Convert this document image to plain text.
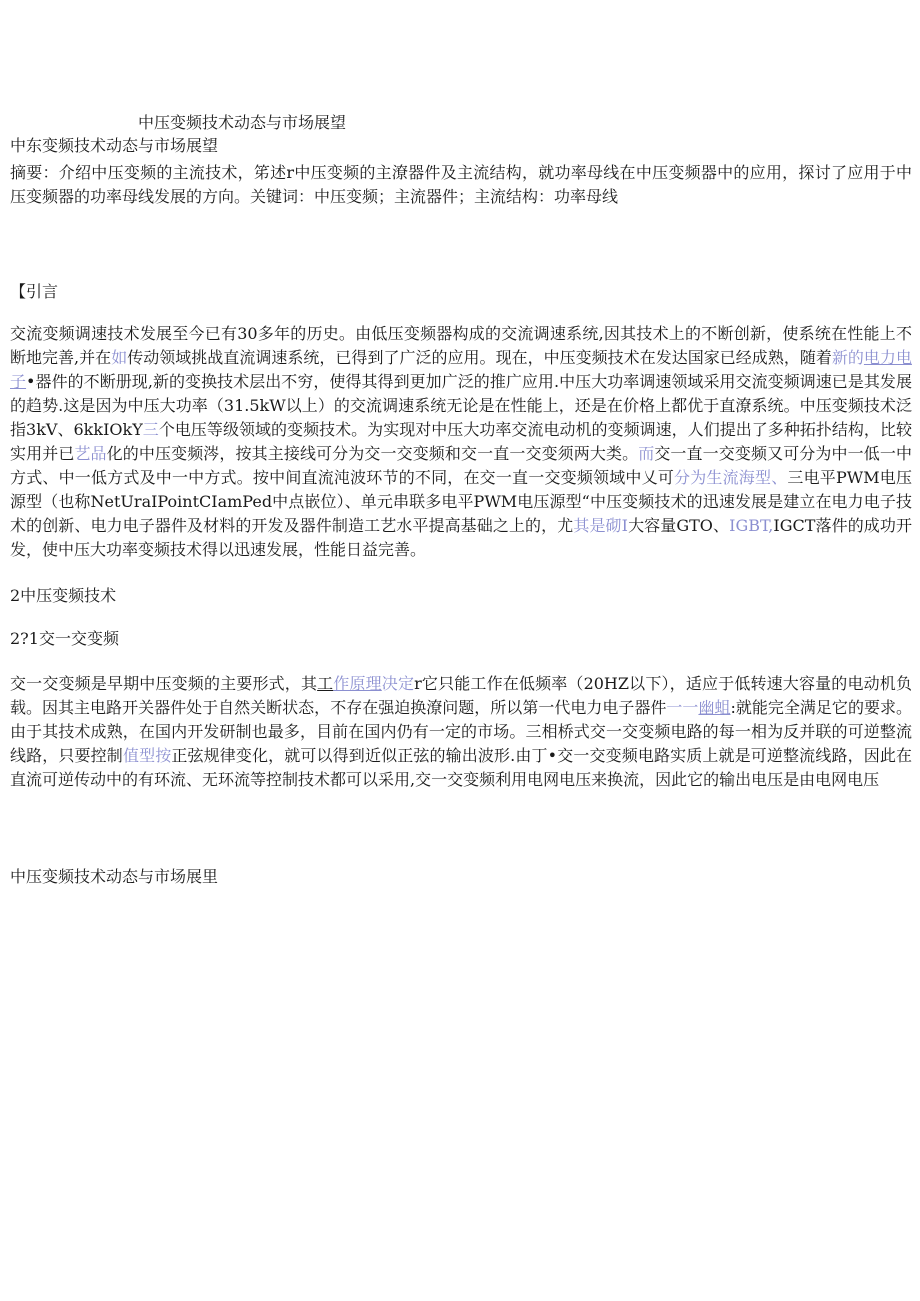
中压变频技术动态与市场展望
中东变频技术动态与市场展望
摘要：介绍中压变频的主流技术，笫述r中压变频的主潦器件及主流结构，就功率母线在中压变频器中的应用，探讨了应用于中压变频器的功率母线发展的方向。关键词：中压变频；主流器件；主流结构：功率母线
【引言
交流变频调速技术发展至今已有30多年的历史。由低压变频器构成的交流调速系统,因其技术上的不断创新，使系统在性能上不断地完善,并在如传动领域挑战直流调速系统，已得到了广泛的应用。现在，中压变频技术在发达国家已经成熟，随着新的电力电子•器件的不断册现,新的变换技术层出不穷，使得其得到更加广泛的推广应用.中压大功率调速领域采用交流变频调速已是其发展的趋势.这是因为中压大功率（31.5kW以上）的交流调速系统无论是在性能上，还是在价格上都优于直潦系统。中压变频技术泛指3kV、6kkIOkY三个电压等级领域的变频技术。为实现对中压大功率交流电动机的变频调速，人们提出了多种拓扑结构，比较实用并已艺品化的中压变频涔，按其主接线可分为交一交变频和交一直一交变须两大类。而交一直一交变频又可分为中一低一中方式、中一低方式及中一中方式。按中间直流沌波环节的不同，在交一直一交变频领域中乂可分为生流海型、三电平PWM电压源型（也称NetUraIPointCIamPed中点嵌位）、单元串联多电平PWM电压源型“中压变频技术的迅速发展是建立在电力电子技术的创新、电力电子器件及材料的开发及器件制造工艺水平提高基础之上的，尤其是砌I大容量GTO、IGBT,IGCT落件的成功开发，使中压大功率变频技术得以迅速发展，性能日益完善。
2中压变频技术
2?1交一交变频
交一交变频是早期中压变频的主要形式，其工作原理决定r它只能工作在低频率（20HZ以下），适应于低转速大容量的电动机负载。因其主电路开关器件处于自然关断状态，不存在强迫换潦问题，所以第一代电力电子器件一一幽蛆:就能完全满足它的要求。由于其技术成熟，在国内开发研制也最多，目前在国内仍有一定的市场。三相桥式交一交变频电路的每一相为反并联的可逆整流线路，只要控制值型按正弦规律变化，就可以得到近似正弦的输出波形.由丁•交一交变频电路实质上就是可逆整流线路，因此在直流可逆传动中的有环流、无环流等控制技术都可以采用,交一交变频利用电网电压来换流，因此它的输出电压是由电网电压
中压变频技术动态与市场展里
